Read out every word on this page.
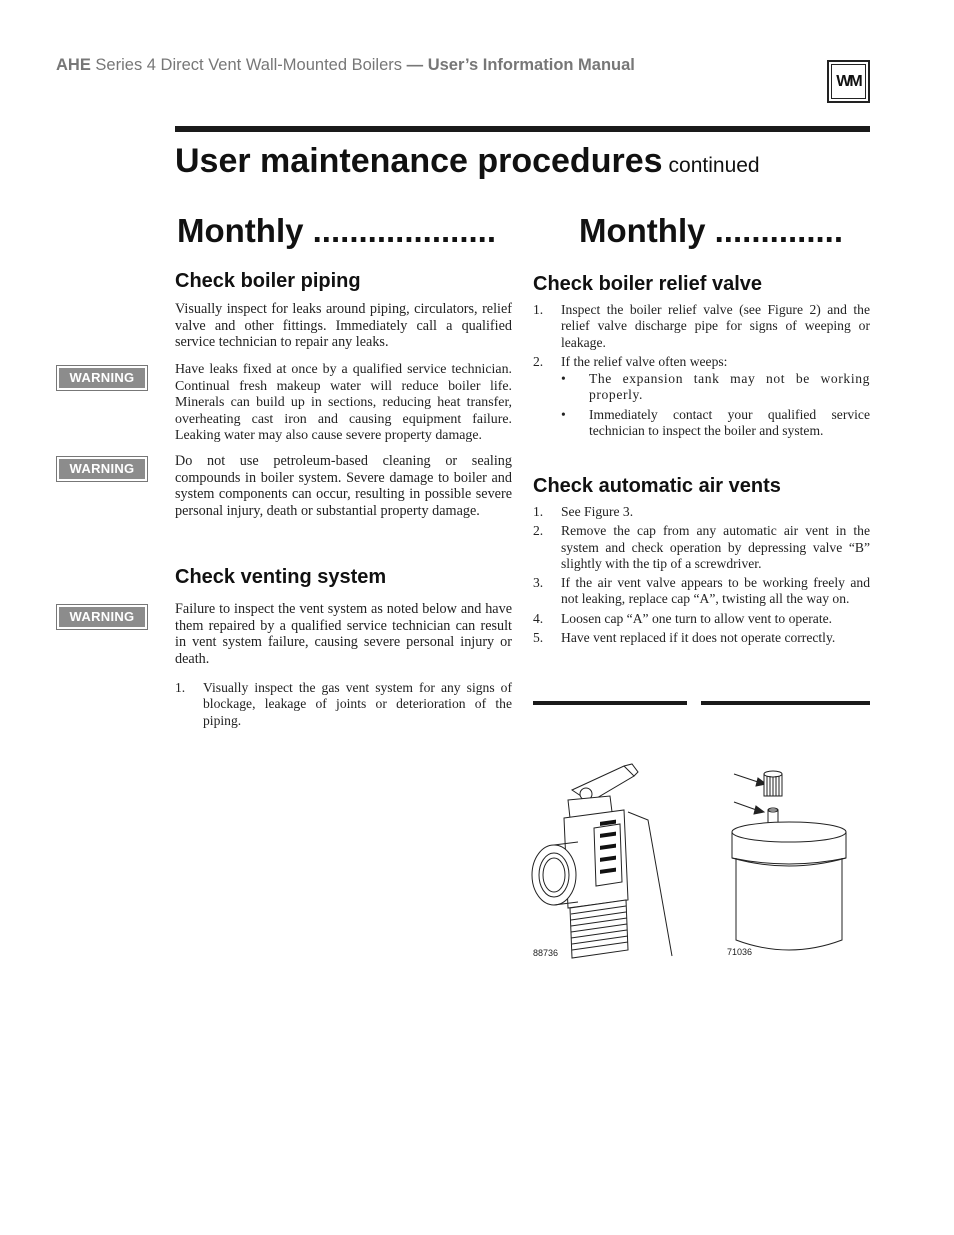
AHE Series 4 Direct Vent Wall-Mounted Boilers — User’s Information Manual
WM
User maintenance procedures continued
Monthly ....................
Check boiler piping

Visually inspect for leaks around piping, circulators, relief valve and other fittings. Immediately call a qualified service technician to repair any leaks.

WARNING

Have leaks fixed at once by a qualified service technician. Continual fresh makeup water will reduce boiler life. Minerals can build up in sections, reducing heat transfer, overheating cast iron and causing equipment failure. Leaking water may also cause severe property damage.

WARNING	Do not use petroleum-based cleaning or sealing compounds in boiler system. Severe damage to boiler and system components can occur, resulting in possible severe personal injury, death or substantial property damage.

Check venting system
WARNING	Failure to inspect the vent system as noted below and have them repaired by a qualified service technician can result in vent system failure, causing severe personal injury or death.

1. Visually inspect the gas vent system for any signs of blockage, leakage of joints or deterioration of the piping.
Monthly ..............
Check boiler relief valve
1. Inspect the boiler relief valve (see Figure 2) and the relief valve discharge pipe for signs of weeping or leakage.
2. If the relief valve often weeps:
• The expansion tank may not be working properly.
• Immediately contact your qualified service technician to inspect the boiler and system.
Check automatic air vents
1. See Figure 3.
2. Remove the cap from any automatic air vent in the system and check operation by depressing valve “B” slightly with the tip of a screwdriver.
3. If the air vent valve appears to be working freely and not leaking, replace cap “A”, twisting all the way on.
4. Loosen cap “A” one turn to allow vent to operate.
5. Have vent replaced if it does not operate correctly.
88736	71036
